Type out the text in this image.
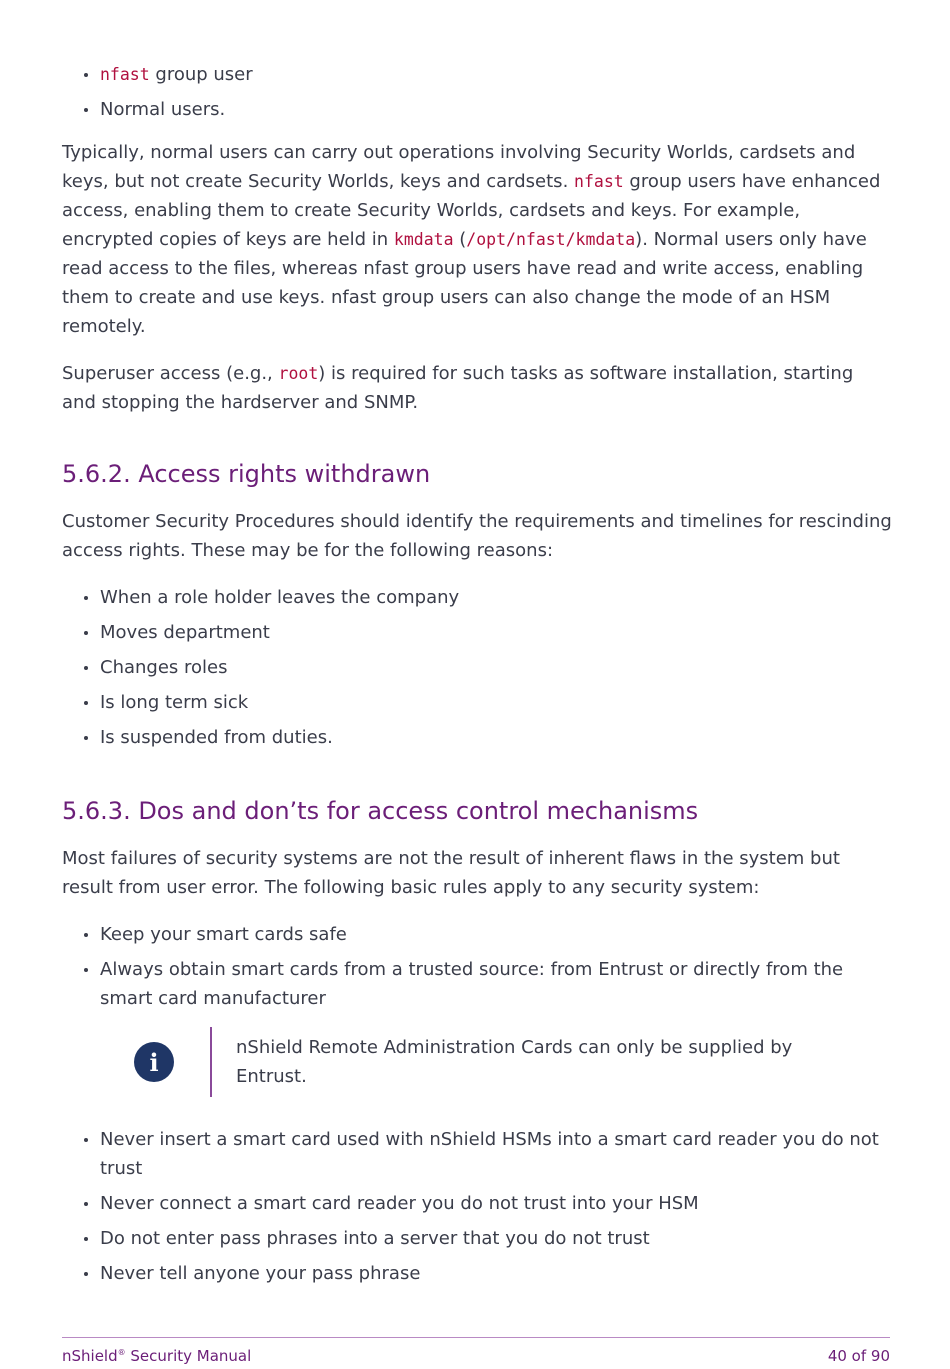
nfast group user
Normal users.

Typically, normal users can carry out operations involving Security Worlds, cardsets and keys, but not create Security Worlds, keys and cardsets. nfast group users have enhanced access, enabling them to create Security Worlds, cardsets and keys. For example, encrypted copies of keys are held in kmdata (/opt/nfast/kmdata). Normal users only have read access to the files, whereas nfast group users have read and write access, enabling them to create and use keys. nfast group users can also change the mode of an HSM remotely.

Superuser access (e.g., root) is required for such tasks as software installation, starting and stopping the hardserver and SNMP.

5.6.2. Access rights withdrawn

Customer Security Procedures should identify the requirements and timelines for rescinding access rights. These may be for the following reasons:

When a role holder leaves the company
Moves department
Changes roles
Is long term sick
Is suspended from duties.
5.6.3. Dos and don’ts for access control mechanisms

Most failures of security systems are not the result of inherent flaws in the system but result from user error. The following basic rules apply to any security system:

Keep your smart cards safe
Always obtain smart cards from a trusted source: from Entrust or directly from the smart card manufacturer
i	nShield Remote Administration Cards can only be supplied by Entrust.
Never insert a smart card used with nShield HSMs into a smart card reader you do not trust
Never connect a smart card reader you do not trust into your HSM
Do not enter pass phrases into a server that you do not trust
Never tell anyone your pass phrase
nShield® Security Manual	40 of 90
